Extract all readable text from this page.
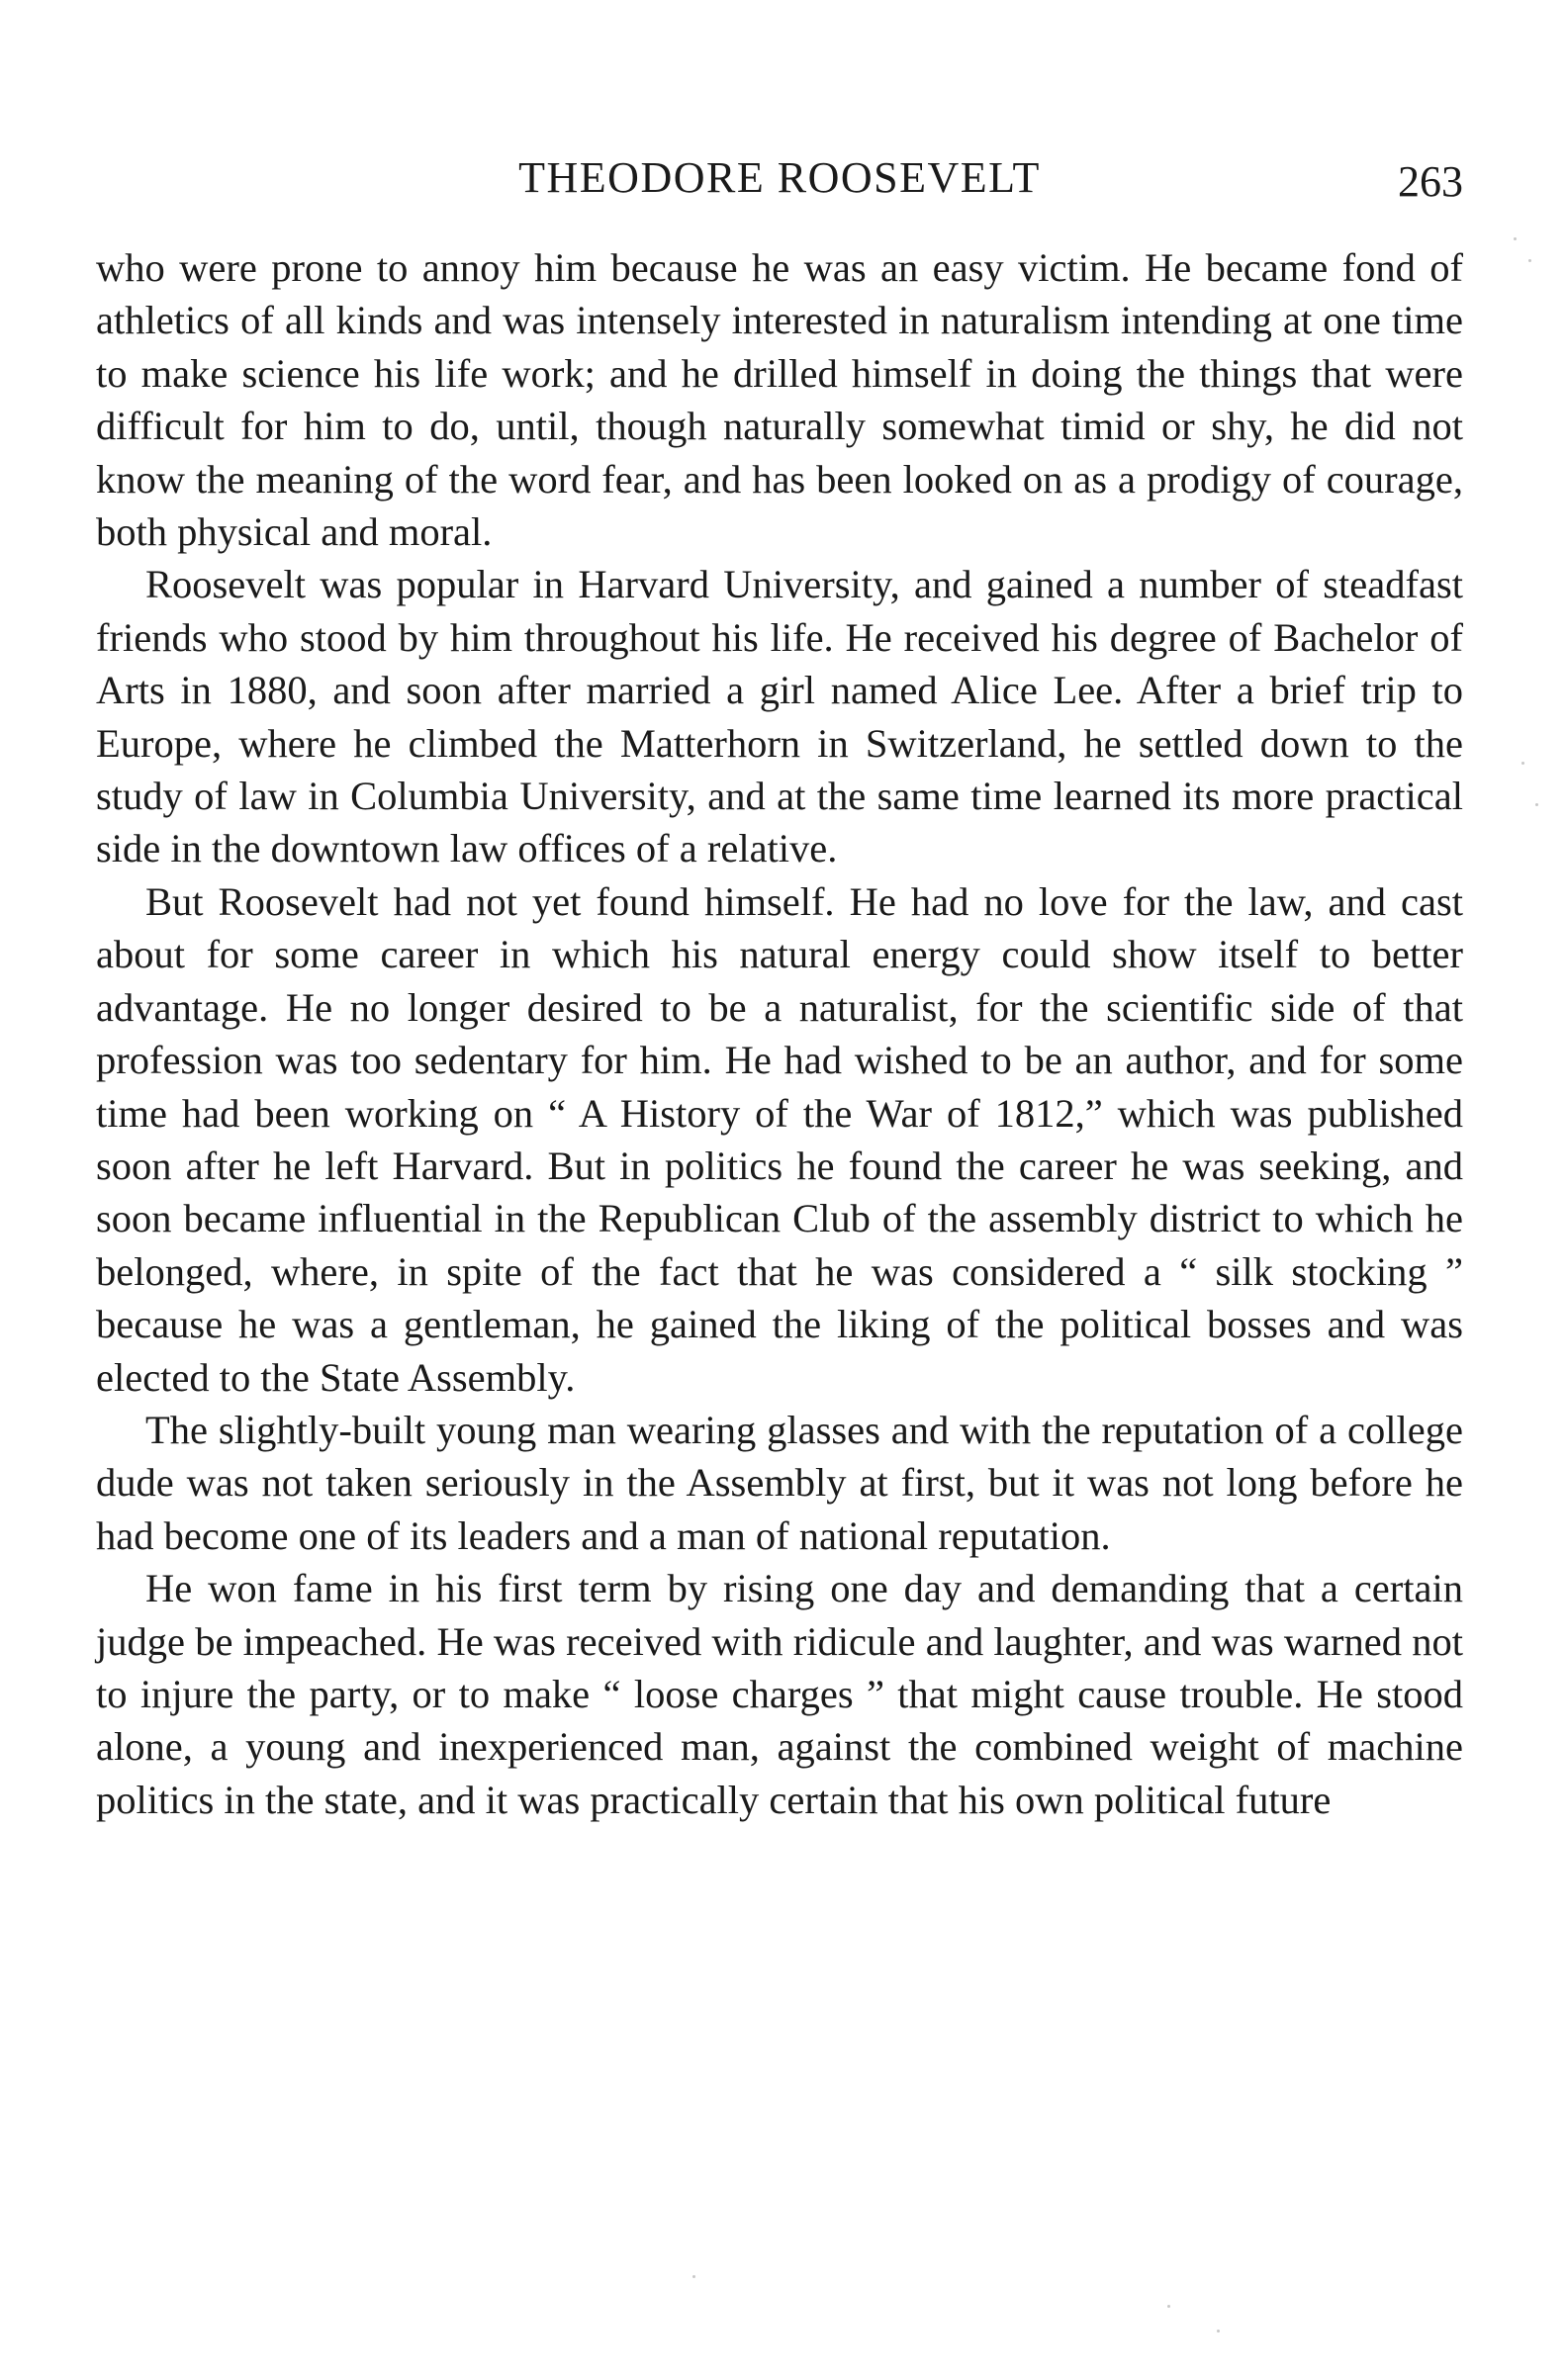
THEODORE ROOSEVELT	263

who were prone to annoy him because he was an easy victim. He became fond of athletics of all kinds and was intensely interested in naturalism intending at one time to make science his life work; and he drilled himself in doing the things that were difficult for him to do, until, though naturally somewhat timid or shy, he did not know the meaning of the word fear, and has been looked on as a prodigy of courage, both physical and moral.

Roosevelt was popular in Harvard University, and gained a number of steadfast friends who stood by him throughout his life. He received his degree of Bachelor of Arts in 1880, and soon after married a girl named Alice Lee. After a brief trip to Europe, where he climbed the Matterhorn in Switzerland, he settled down to the study of law in Columbia University, and at the same time learned its more practical side in the downtown law offices of a relative.

But Roosevelt had not yet found himself. He had no love for the law, and cast about for some career in which his natural energy could show itself to better advantage. He no longer desired to be a naturalist, for the scientific side of that profession was too sedentary for him. He had wished to be an author, and for some time had been working on “ A History of the War of 1812,” which was published soon after he left Harvard. But in politics he found the career he was seeking, and soon became influential in the Republican Club of the assembly district to which he belonged, where, in spite of the fact that he was considered a “ silk stocking ” because he was a gentleman, he gained the liking of the political bosses and was elected to the State Assembly.

The slightly-built young man wearing glasses and with the reputation of a college dude was not taken seriously in the Assembly at first, but it was not long before he had become one of its leaders and a man of national reputation.

He won fame in his first term by rising one day and demanding that a certain judge be impeached. He was received with ridicule and laughter, and was warned not to injure the party, or to make “ loose charges ” that might cause trouble. He stood alone, a young and inexperienced man, against the combined weight of machine politics in the state, and it was practically certain that his own political future
